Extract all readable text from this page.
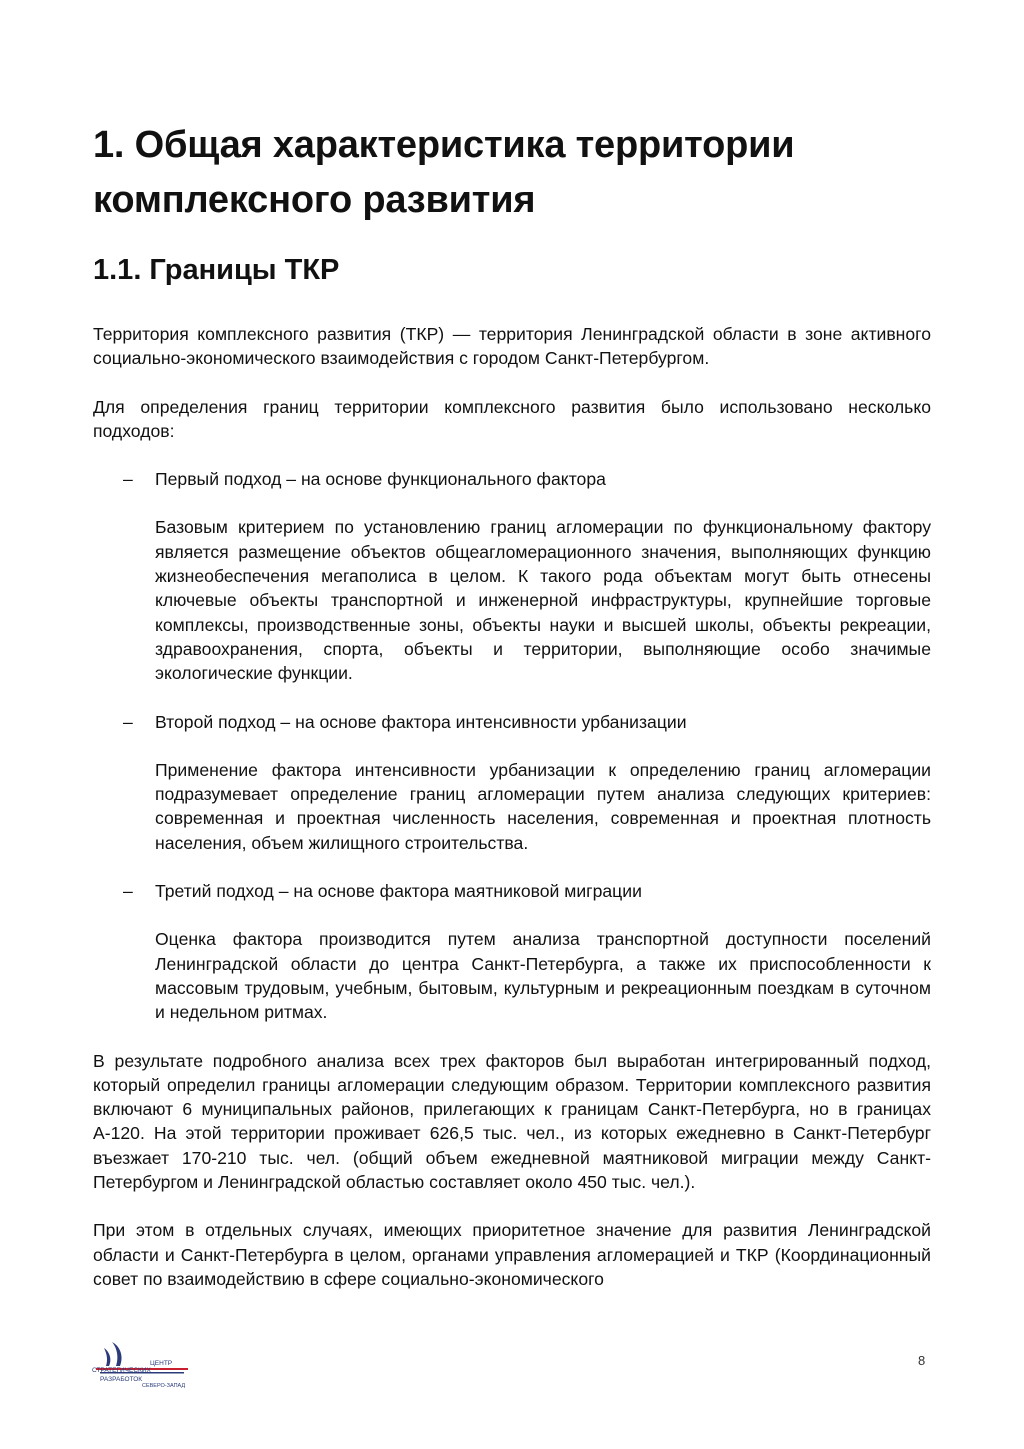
1. Общая характеристика территории комплексного развития
1.1. Границы ТКР

Территория комплексного развития (ТКР) — территория Ленинградской области в зоне активного социально-экономического взаимодействия с городом Санкт-Петербургом.

Для определения границ территории комплексного развития было использовано несколько подходов:

– Первый подход – на основе функционального фактора

Базовым критерием по установлению границ агломерации по функциональному фактору является размещение объектов общеагломерационного значения, выполняющих функцию жизнеобеспечения мегаполиса в целом. К такого рода объектам могут быть отнесены ключевые объекты транспортной и инженерной инфраструктуры, крупнейшие торговые комплексы, производственные зоны, объекты науки и высшей школы, объекты рекреации, здравоохранения, спорта, объекты и территории, выполняющие особо значимые экологические функции.

– Второй подход – на основе фактора интенсивности урбанизации

Применение фактора интенсивности урбанизации к определению границ агломерации подразумевает определение границ агломерации путем анализа следующих критериев: современная и проектная численность населения, современная и проектная плотность населения, объем жилищного строительства.

– Третий подход – на основе фактора маятниковой миграции

Оценка фактора производится путем анализа транспортной доступности поселений Ленинградской области до центра Санкт-Петербурга, а также их приспособленности к массовым трудовым, учебным, бытовым, культурным и рекреационным поездкам в суточном и недельном ритмах.

В результате подробного анализа всех трех факторов был выработан интегрированный подход, который определил границы агломерации следующим образом. Территории комплексного развития включают 6 муниципальных районов, прилегающих к границам Санкт-Петербурга, но в границах А-120. На этой территории проживает 626,5 тыс. чел., из которых ежедневно в Санкт-Петербург въезжает 170-210 тыс. чел. (общий объем ежедневной маятниковой миграции между Санкт-Петербургом и Ленинградской областью составляет около 450 тыс. чел.).

При этом в отдельных случаях, имеющих приоритетное значение для развития Ленинградской области и Санкт-Петербурга в целом, органами управления агломерацией и ТКР (Координационный совет по взаимодействию в сфере социально-экономического

ЦЕНТР
СТРАТЕГИЧЕСКИХ
РАЗРАБОТОК
СЕВЕРО-ЗАПАД
8
